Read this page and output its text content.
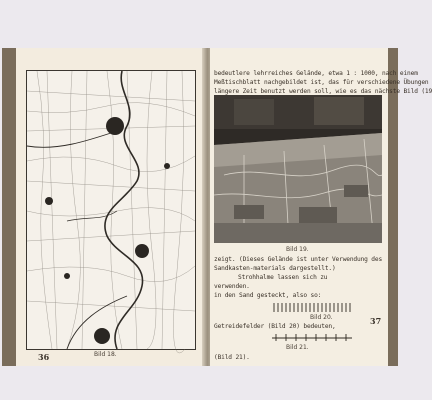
Bild 18.
36
bedeutlere lehrreiches Gelände, etwa 1 : 1000, nach einem
Meßtischblatt nachgebildet ist, das für verschiedene Übungen
längere Zeit benutzt werden soll, wie es das nächste Bild (19
Bild 19.
zeigt. (Dieses Gelände ist unter Verwendung des
Sandkasten-materials dargestellt.)
Strohhalme lassen sich zu
verwenden.
in den Sand gesteckt, also so:
Bild 20.
Getreidefelder (Bild 20) bedeuten,
Bild 21.
(Bild 21).
37
